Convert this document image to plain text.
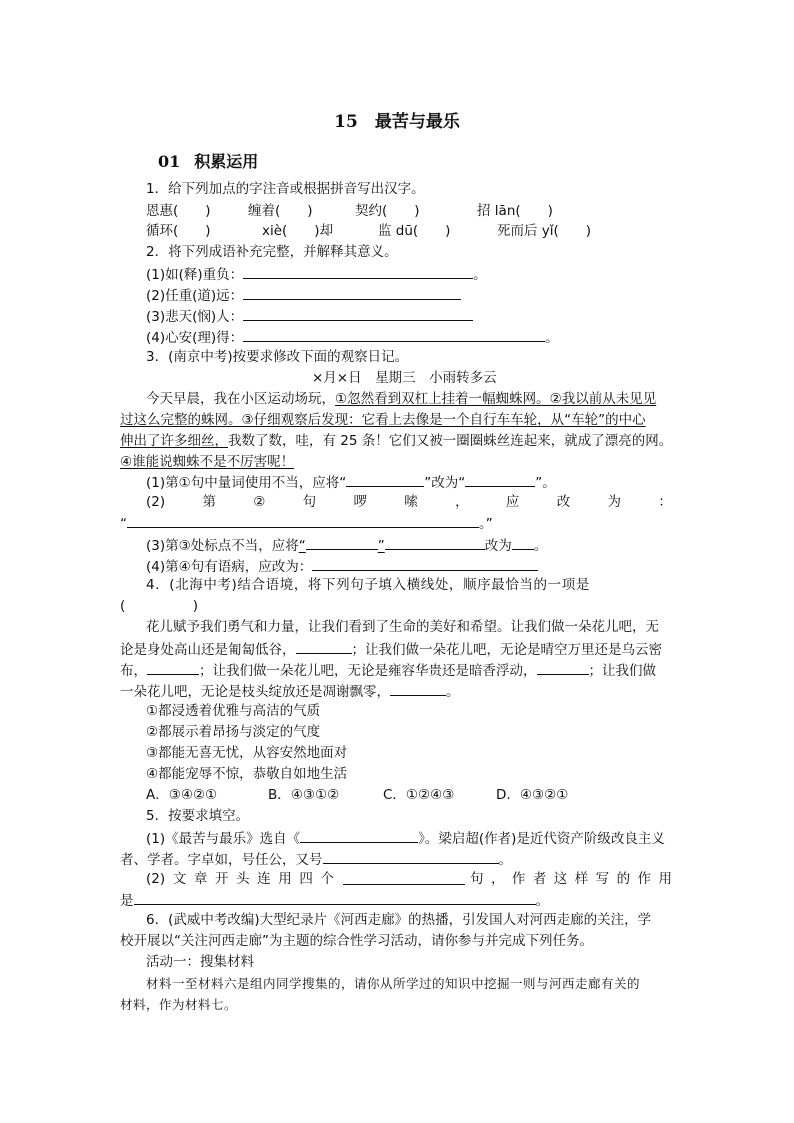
15　最苦与最乐
01 积累运用
1．给下列加点的字注音或根据拼音写出汉字。
恩惠(　　)	缠着(　　)	契约(　　)	招 lān(　　)
循环(　　)	xiè(　　)却	监 dū(　　)	死而后 yǐ(　　)
2．将下列成语补充完整，并解释其意义。
(1)如(释)重负：	。
(2)任重(道)远：
(3)悲天(悯)人：
(4)心安(理)得：	。
3．(南京中考)按要求修改下面的观察日记。
×月×日　星期三　小雨转多云
今天早晨，我在小区运动场玩，①忽然看到双杠上挂着一幅蜘蛛网。②我以前从未见见
过这么完整的蛛网。③仔细观察后发现：它看上去像是一个自行车车轮，从“车轮”的中心
伸出了许多细丝，我数了数，哇，有 25 条！它们又被一圈圈蛛丝连起来，就成了漂亮的网。
④谁能说蜘蛛不是不厉害呢！
(1)第①句中量词使用不当，应将“	”改为“	”。
(2)	第	②	句	啰	嗦	，	应	改	为	：
“	。”
(3)第③处标点不当，应将“	”	改为 。
(4)第④句有语病，应改为：
4．(北海中考)结合语境，将下列句子填入横线处，顺序最恰当的一项是
(　　　　　)
花儿赋予我们勇气和力量，让我们看到了生命的美好和希望。让我们做一朵花儿吧，无
论是身处高山还是匍匐低谷，	；让我们做一朵花儿吧，无论是晴空万里还是乌云密
布，	；让我们做一朵花儿吧，无论是雍容华贵还是暗香浮动，	；让我们做
一朵花儿吧，无论是枝头绽放还是凋谢飘零，	。
①都浸透着优雅与高洁的气质
②都展示着昂扬与淡定的气度
③都能无喜无忧，从容安然地面对
④都能宠辱不惊，恭敬自如地生活
A．③④②①	B．④③①②	C．①②④③	D．④③②①
5．按要求填空。
(1)《最苦与最乐》选自《	》。梁启超(作者)是近代资产阶级改良主义
者、学者。字卓如，号任公，又号	。
(2) 文 章 开 头 连 用 四 个	句 ， 作 者 这 样 写 的 作 用
是	。
6．(武威中考改编)大型纪录片《河西走廊》的热播，引发国人对河西走廊的关注，学
校开展以“关注河西走廊”为主题的综合性学习活动，请你参与并完成下列任务。
活动一：搜集材料
材料一至材料六是组内同学搜集的，请你从所学过的知识中挖掘一则与河西走廊有关的
材料，作为材料七。
